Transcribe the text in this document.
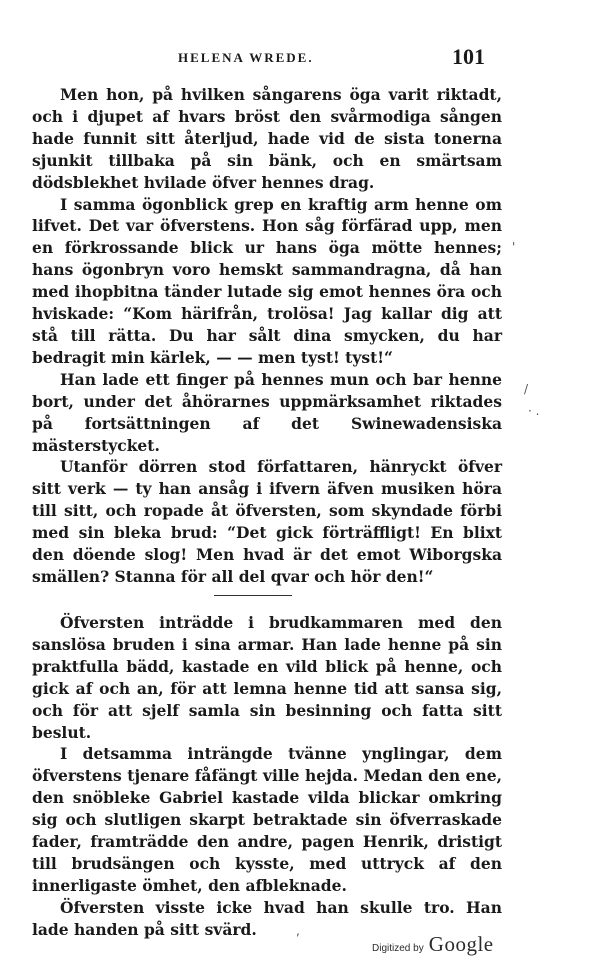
HELENA WREDE.	101

Men hon, på hvilken sångarens öga varit riktadt, och i djupet af hvars bröst den svårmodiga sången hade funnit sitt återljud, hade vid de sista tonerna sjunkit tillbaka på sin bänk, och en smärtsam dödsblekhet hvilade öfver hennes drag.

I samma ögonblick grep en kraftig arm henne om lifvet. Det var öfverstens. Hon såg förfärad upp, men en förkrossande blick ur hans öga mötte hennes; hans ögonbryn voro hemskt sammandragna, då han med ihopbitna tänder lutade sig emot hennes öra och hviskade: “Kom härifrån, trolösa! Jag kallar dig att stå till rätta. Du har sålt dina smycken, du har bedragit min kärlek, — — men tyst! tyst!“

Han lade ett finger på hennes mun och bar henne bort, under det åhörarnes uppmärksamhet riktades på fortsättningen af det Swinewadensiska mästerstycket.

Utanför dörren stod författaren, hänryckt öfver sitt verk — ty han ansåg i ifvern äfven musiken höra till sitt, och ropade åt öfversten, som skyndade förbi med sin bleka brud: “Det gick förträffligt! En blixt den döende slog! Men hvad är det emot Wiborgska smällen? Stanna för all del qvar och hör den!“

Öfversten inträdde i brudkammaren med den sanslösa bruden i sina armar. Han lade henne på sin praktfulla bädd, kastade en vild blick på henne, och gick af och an, för att lemna henne tid att sansa sig, och för att sjelf samla sin besinning och fatta sitt beslut.

I detsamma inträngde tvänne ynglingar, dem öfverstens tjenare fåfängt ville hejda. Medan den ene, den snöbleke Gabriel kastade vilda blickar omkring sig och slutligen skarpt betraktade sin öfverraskade fader, framträdde den andre, pagen Henrik, dristigt till brudsängen och kysste, med uttryck af den innerligaste ömhet, den afbleknade.

Öfversten visste icke hvad han skulle tro. Han lade handen på sitt svärd.

'
/
· .
,
Digitized by Google
